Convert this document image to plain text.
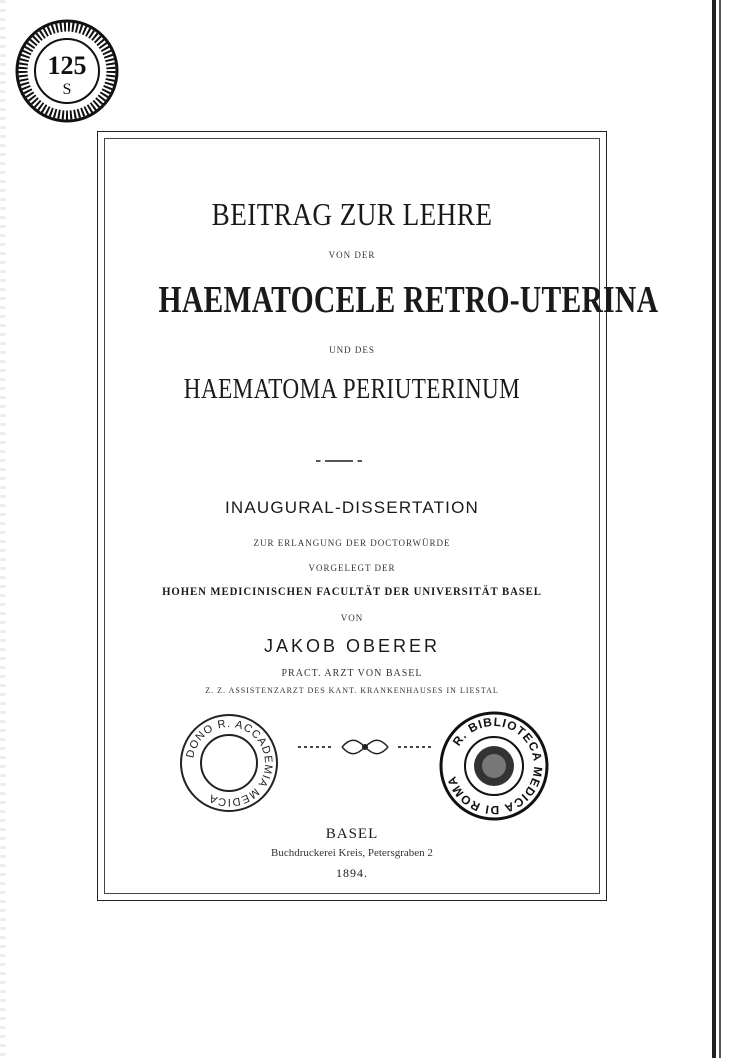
125
S
BEITRAG ZUR LEHRE
VON DER
HAEMATOCELE RETRO-UTERINA
UND DES
HAEMATOMA PERIUTERINUM
INAUGURAL-DISSERTATION
ZUR ERLANGUNG DER DOCTORWÜRDE
VORGELEGT DER
HOHEN MEDICINISCHEN FACULTÄT DER UNIVERSITÄT BASEL
VON
JAKOB OBERER
PRACT. ARZT VON BASEL
Z. Z. ASSISTENZARZT DES KANT. KRANKENHAUSES IN LIESTAL
DONO R. ACCADEMIA MEDICA
R. BIBLIOTECA MEDICA DI ROMA
BASEL
Buchdruckerei Kreis, Petersgraben 2
1894.
